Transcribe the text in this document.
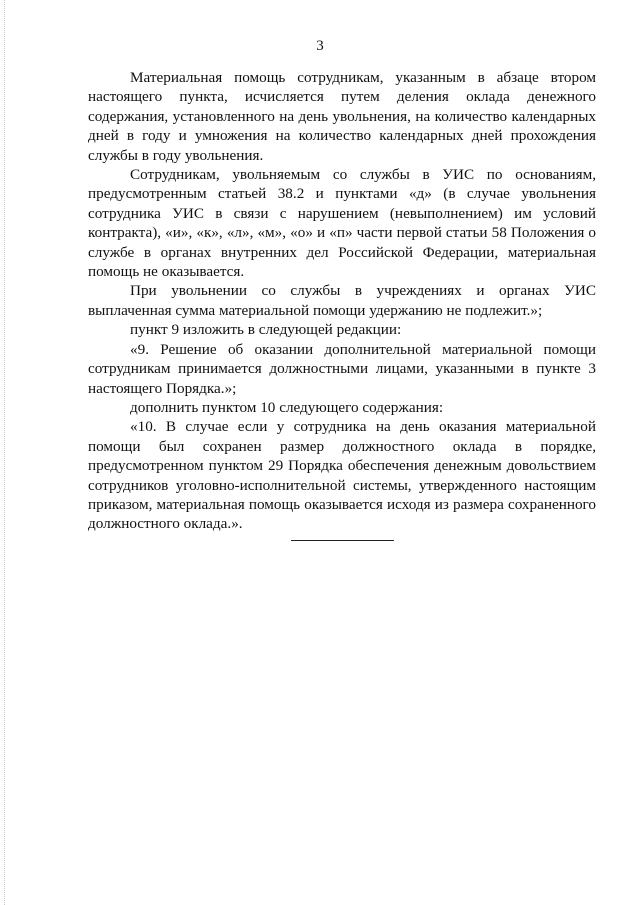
3

Материальная помощь сотрудникам, указанным в абзаце втором настоящего пункта, исчисляется путем деления оклада денежного содержания, установленного на день увольнения, на количество календарных дней в году и умножения на количество календарных дней прохождения службы в году увольнения.

Сотрудникам, увольняемым со службы в УИС по основаниям, предусмотренным статьей 38.2 и пунктами «д» (в случае увольнения сотрудника УИС в связи с нарушением (невыполнением) им условий контракта), «и», «к», «л», «м», «о» и «п» части первой статьи 58 Положения о службе в органах внутренних дел Российской Федерации, материальная помощь не оказывается.

При увольнении со службы в учреждениях и органах УИС выплаченная сумма материальной помощи удержанию не подлежит.»;

пункт 9 изложить в следующей редакции:

«9. Решение об оказании дополнительной материальной помощи сотрудникам принимается должностными лицами, указанными в пункте 3 настоящего Порядка.»;

дополнить пунктом 10 следующего содержания:

«10. В случае если у сотрудника на день оказания материальной помощи был сохранен размер должностного оклада в порядке, предусмотренном пунктом 29 Порядка обеспечения денежным довольствием сотрудников уголовно-исполнительной системы, утвержденного настоящим приказом, материальная помощь оказывается исходя из размера сохраненного должностного оклада.».
